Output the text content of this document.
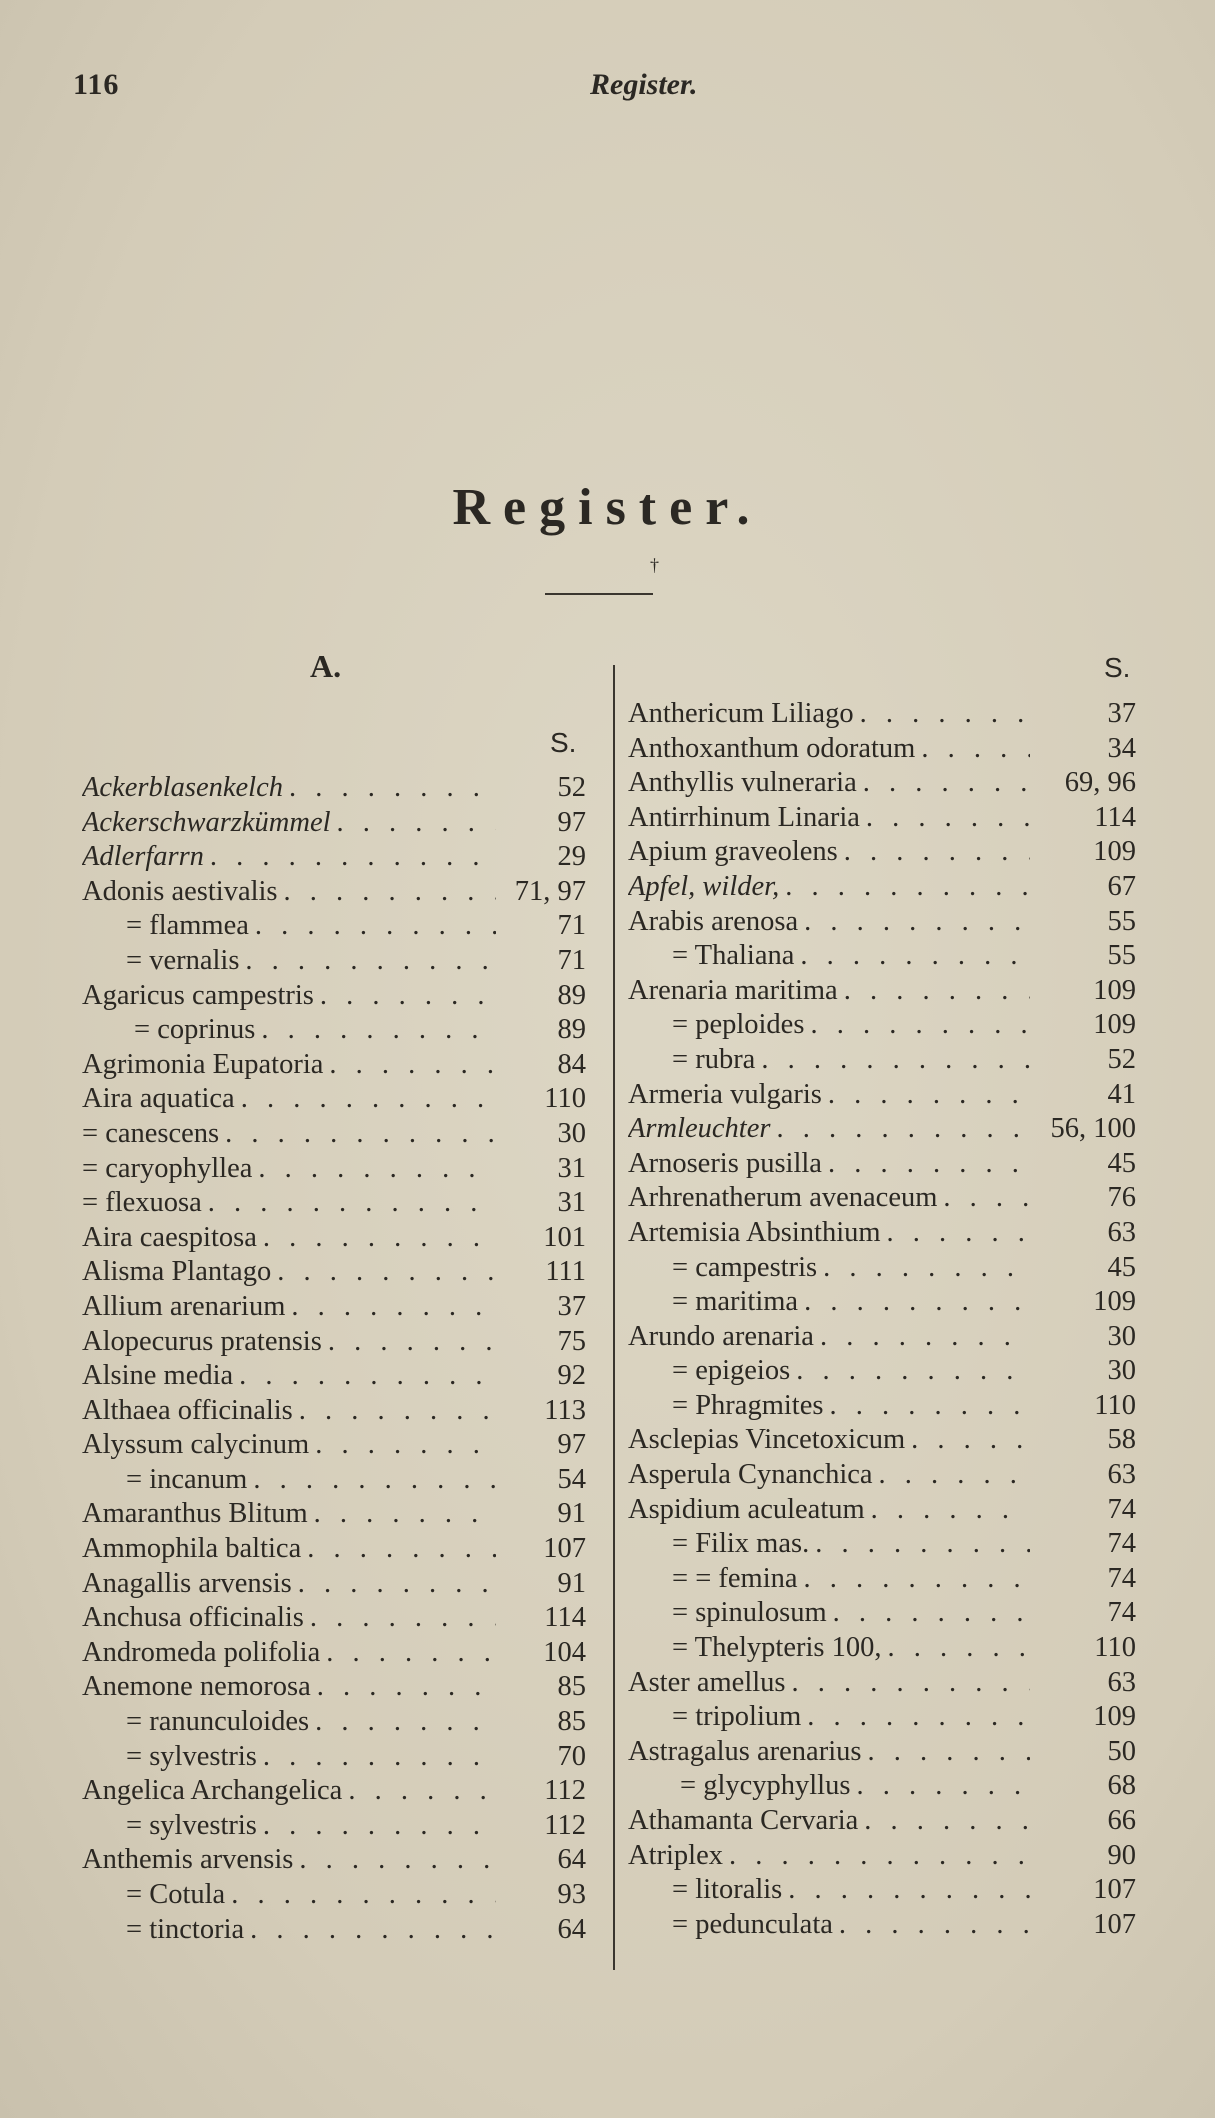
116	Register.
Register.
†
A.
S.
S.
Ackerblasenkelch . . .	52
Ackerschwarzkümmel . . .	97
Adlerfarrn . . .	29
Adonis aestivalis . . .	71, 97
= flammea . . .	71
= vernalis . . .	71
Agaricus campestris . . .	89
= coprinus . . .	89
Agrimonia Eupatoria . . .	84
Aira aquatica . . .	110
= canescens . . .	30
= caryophyllea . . .	31
= flexuosa . . .	31
Aira caespitosa . . .	101
Alisma Plantago . . .	111
Allium arenarium . . .	37
Alopecurus pratensis . . .	75
Alsine media . . .	92
Althaea officinalis . . .	113
Alyssum calycinum . . .	97
= incanum . . .	54
Amaranthus Blitum . . .	91
Ammophila baltica . . .	107
Anagallis arvensis . . .	91
Anchusa officinalis . . .	114
Andromeda polifolia . . .	104
Anemone nemorosa . . .	85
= ranunculoides . . .	85
= sylvestris . . .	70
Angelica Archangelica . . .	112
= sylvestris . . .	112
Anthemis arvensis . . .	64
= Cotula . . .	93
= tinctoria . . .	64
Anthericum Liliago . . .	37
Anthoxanthum odoratum . . .	34
Anthyllis vulneraria . . .	69, 96
Antirrhinum Linaria . . .	114
Apium graveolens . . .	109
Apfel, wilder, . . .	67
Arabis arenosa . . .	55
= Thaliana . . .	55
Arenaria maritima . . .	109
= peploides . . .	109
= rubra . . .	52
Armeria vulgaris . . .	41
Armleuchter . . .	56, 100
Arnoseris pusilla . . .	45
Arhrenatherum avenaceum . . .	76
Artemisia Absinthium . . .	63
= campestris . . .	45
= maritima . . .	109
Arundo arenaria . . .	30
= epigeios . . .	30
= Phragmites . . .	110
Asclepias Vincetoxicum . . .	58
Asperula Cynanchica . . .	63
Aspidium aculeatum . . .	74
= Filix mas. . . .	74
= = femina . . .	74
= spinulosum . . .	74
= Thelypteris 100, . . .	110
Aster amellus . . .	63
= tripolium . . .	109
Astragalus arenarius . . .	50
= glycyphyllus . . .	68
Athamanta Cervaria . . .	66
Atriplex . . .	90
= litoralis . . .	107
= pedunculata . . .	107
